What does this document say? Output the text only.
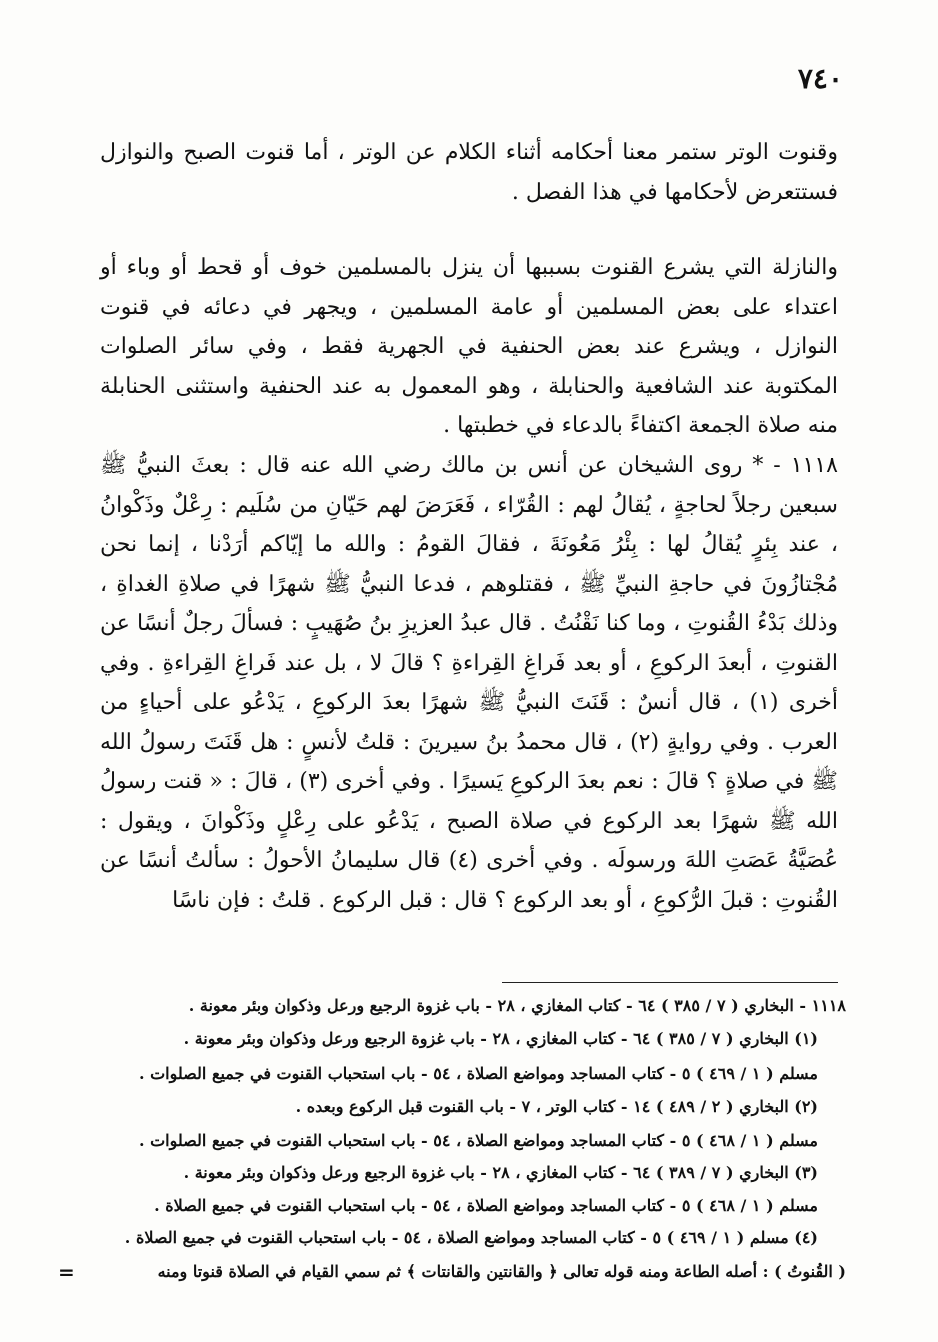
٧٤٠

وقنوت الوتر ستمر معنا أحكامه أثناء الكلام عن الوتر ، أما قنوت الصبح والنوازل فستتعرض لأحكامها في هذا الفصل .

والنازلة التي يشرع القنوت بسببها أن ينزل بالمسلمين خوف أو قحط أو وباء أو اعتداء على بعض المسلمين أو عامة المسلمين ، ويجهر في دعائه في قنوت النوازل ، ويشرع عند بعض الحنفية في الجهرية فقط ، وفي سائر الصلوات المكتوبة عند الشافعية والحنابلة ، وهو المعمول به عند الحنفية واستثنى الحنابلة منه صلاة الجمعة اكتفاءً بالدعاء في خطبتها .

١١١٨ - * روى الشيخان عن أنس بن مالك رضي الله عنه قال : بعثَ النبيُّ ﷺ سبعين رجلاً لحاجةٍ ، يُقالُ لهم : القُرّاء ، فَعَرَضَ لهم حَيّانِ من سُلَيم : رِعْلٌ وذَكْوانُ ، عند بِئرٍ يُقالُ لها : بِئْرُ مَعُونَةَ ، فقالَ القومُ : والله ما إيّاكم أرَدْنا ، إنما نحن مُجْتازُونَ في حاجةِ النبيِّ ﷺ ، فقتلوهم ، فدعا النبيُّ ﷺ شهرًا في صلاةِ الغداةِ ، وذلك بَدْءُ القُنوتِ ، وما كنا نَقْنُتُ . قال عبدُ العزيزِ بنُ صُهَيبٍ : فسألَ رجلٌ أنسًا عن القنوتِ ، أبعدَ الركوعِ ، أو بعد فَراغِ القِراءةِ ؟ قالَ لا ، بل عند فَراغِ القِراءةِ . وفي أخرى (١) ، قال أنسٌ : قَنَتَ النبيُّ ﷺ شهرًا بعدَ الركوعِ ، يَدْعُو على أحياءٍ من العرب . وفي روايةٍ (٢) ، قال محمدُ بنُ سيرينَ : قلتُ لأنسٍ : هل قَنَتَ رسولُ الله ﷺ في صلاةٍ ؟ قالَ : نعم بعدَ الركوعِ يَسيرًا . وفي أخرى (٣) ، قالَ : « قنت رسولُ الله ﷺ شهرًا بعد الركوع في صلاة الصبح ، يَدْعُو على رِعْلٍ وذَكْوانَ ، ويقول : عُصَيَّةُ عَصَتِ اللهَ ورسولَه . وفي أخرى (٤) قال سليمانُ الأحولُ : سألتُ أنسًا عن القُنوتِ : قبلَ الرُّكوعِ ، أو بعد الركوع ؟ قال : قبل الركوع . قلتُ : فإن ناسًا

١١١٨ - البخاري ( ٧ / ٣٨٥ ) ٦٤ - كتاب المغازي ، ٢٨ - باب غزوة الرجيع ورعل وذكوان وبئر معونة .

(١) البخاري ( ٧ / ٣٨٥ ) ٦٤ - كتاب المغازي ، ٢٨ - باب غزوة الرجيع ورعل وذكوان وبئر معونة .

مسلم ( ١ / ٤٦٩ ) ٥ - كتاب المساجد ومواضع الصلاة ، ٥٤ - باب استحباب القنوت في جميع الصلوات .

(٢) البخاري ( ٢ / ٤٨٩ ) ١٤ - كتاب الوتر ، ٧ - باب القنوت قبل الركوع وبعده .

مسلم ( ١ / ٤٦٨ ) ٥ - كتاب المساجد ومواضع الصلاة ، ٥٤ - باب استحباب القنوت في جميع الصلوات .

(٣) البخاري ( ٧ / ٣٨٩ ) ٦٤ - كتاب المغازي ، ٢٨ - باب غزوة الرجيع ورعل وذكوان وبئر معونة .

مسلم ( ١ / ٤٦٨ ) ٥ - كتاب المساجد ومواضع الصلاة ، ٥٤ - باب استحباب القنوت في جميع الصلاة .

(٤) مسلم ( ١ / ٤٦٩ ) ٥ - كتاب المساجد ومواضع الصلاة ، ٥٤ - باب استحباب القنوت في جميع الصلاة .

( القُنوتُ ) : أصله الطاعة ومنه قوله تعالى ﴿ والقانتين والقانتات ﴾ ثم سمي القيام في الصلاة قنوتا ومنه

=
